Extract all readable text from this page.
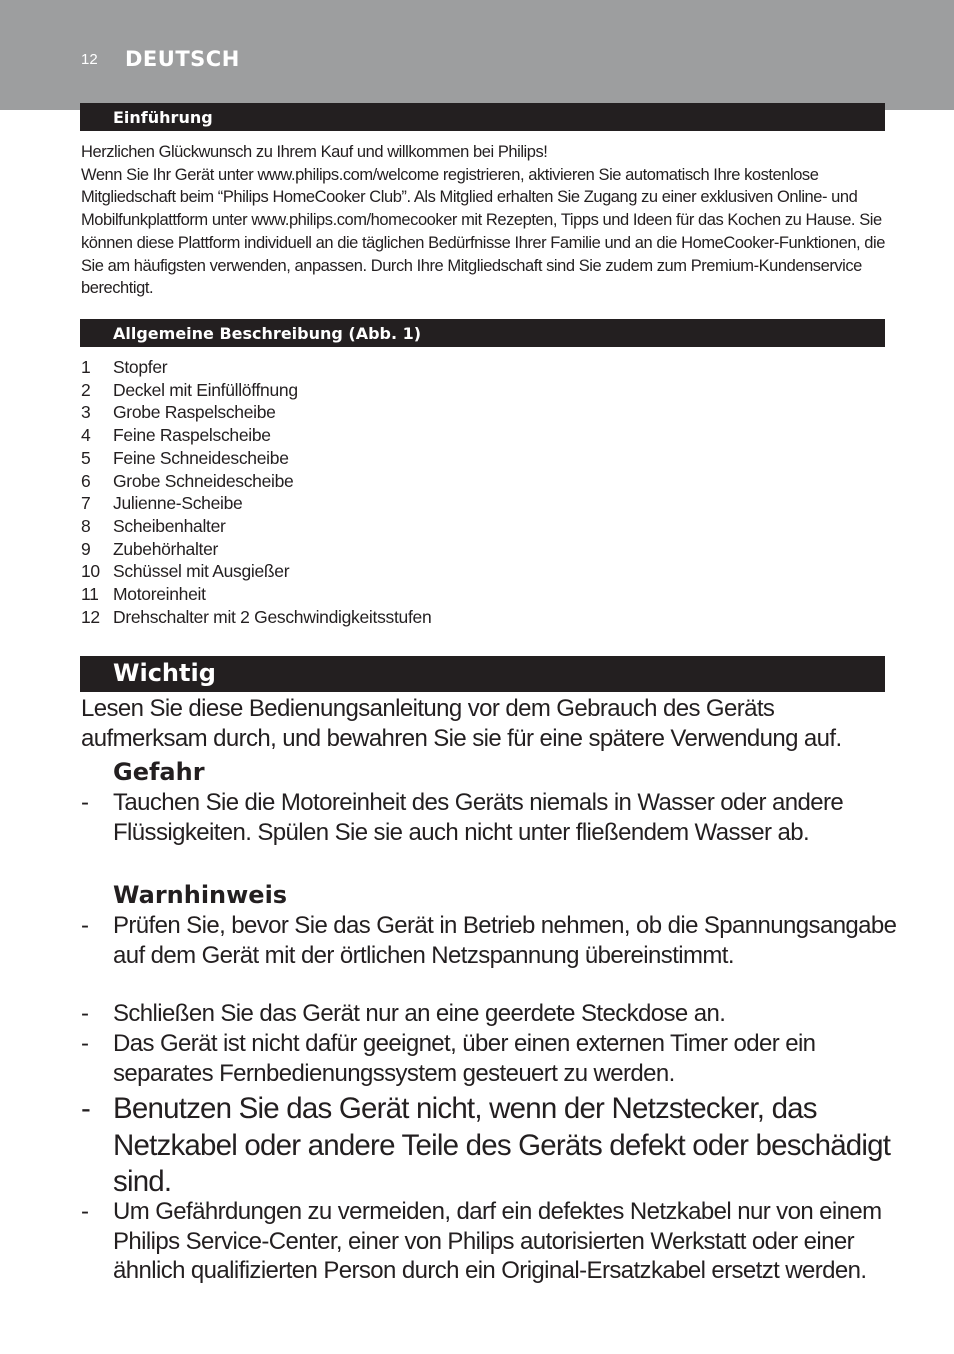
12 DEUTSCH
Einführung

Herzlichen Glückwunsch zu Ihrem Kauf und willkommen bei Philips!

Wenn Sie Ihr Gerät unter www.philips.com/welcome registrieren, aktivieren Sie automatisch Ihre kostenlose Mitgliedschaft beim “Philips HomeCooker Club”. Als Mitglied erhalten Sie Zugang zu einer exklusiven Online- und Mobilfunkplattform unter www.philips.com/homecooker mit Rezepten, Tipps und Ideen für das Kochen zu Hause. Sie können diese Plattform individuell an die täglichen Bedürfnisse Ihrer Familie und an die HomeCooker-Funktionen, die Sie am häufigsten verwenden, anpassen. Durch Ihre Mitgliedschaft sind Sie zudem zum Premium-Kundenservice berechtigt.

Allgemeine Beschreibung (Abb. 1)
1 Stopfer
2 Deckel mit Einfüllöffnung
3 Grobe Raspelscheibe
4 Feine Raspelscheibe
5 Feine Schneidescheibe
6 Grobe Schneidescheibe
7 Julienne-Scheibe
8 Scheibenhalter
9 Zubehörhalter
10 Schüssel mit Ausgießer
11 Motoreinheit
12 Drehschalter mit 2 Geschwindigkeitsstufen
Wichtig
Lesen Sie diese Bedienungsanleitung vor dem Gebrauch des Geräts aufmerksam durch, und bewahren Sie sie für eine spätere Verwendung auf.
Gefahr
- Tauchen Sie die Motoreinheit des Geräts niemals in Wasser oder andere Flüssigkeiten. Spülen Sie sie auch nicht unter fließendem Wasser ab.
Warnhinweis
- Prüfen Sie, bevor Sie das Gerät in Betrieb nehmen, ob die Spannungsangabe auf dem Gerät mit der örtlichen Netzspannung übereinstimmt.
- Schließen Sie das Gerät nur an eine geerdete Steckdose an.
- Das Gerät ist nicht dafür geeignet, über einen externen Timer oder ein separates Fernbedienungssystem gesteuert zu werden.
- Benutzen Sie das Gerät nicht, wenn der Netzstecker, das Netzkabel oder andere Teile des Geräts defekt oder beschädigt sind.
- Um Gefährdungen zu vermeiden, darf ein defektes Netzkabel nur von einem Philips Service-Center, einer von Philips autorisierten Werkstatt oder einer ähnlich qualifizierten Person durch ein Original-Ersatzkabel ersetzt werden.
